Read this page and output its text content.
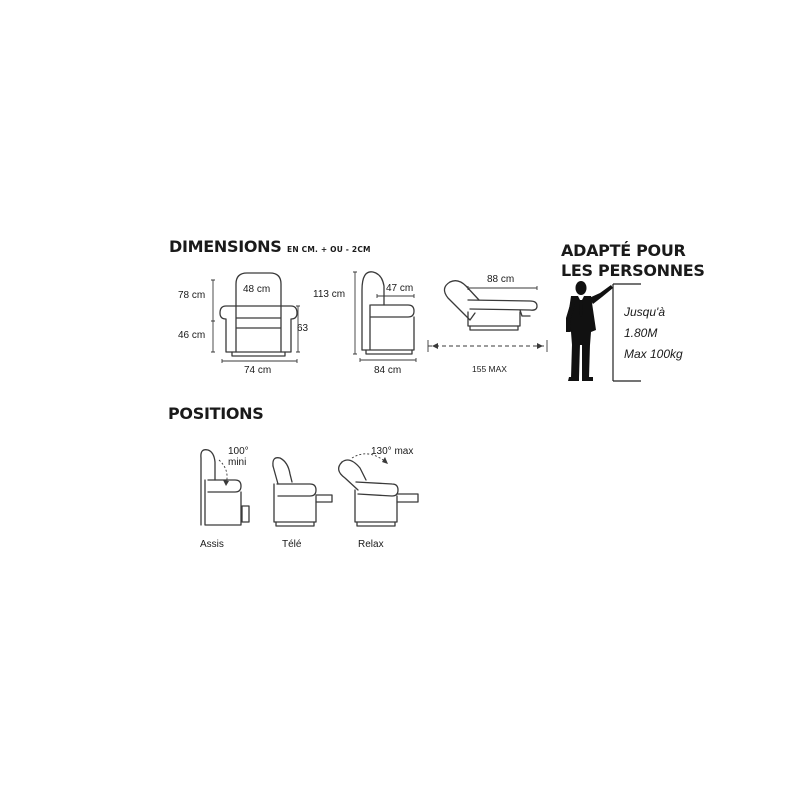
DIMENSIONS EN CM. + OU - 2CM
78 cm
46 cm
48 cm
63
74 cm
113 cm
47 cm
84 cm
88 cm
155 MAX
ADAPTÉ POUR
LES PERSONNES
Jusqu'à
1.80M
Max 100kg
POSITIONS
100°
mini
Assis	Télé
130° max
Relax
